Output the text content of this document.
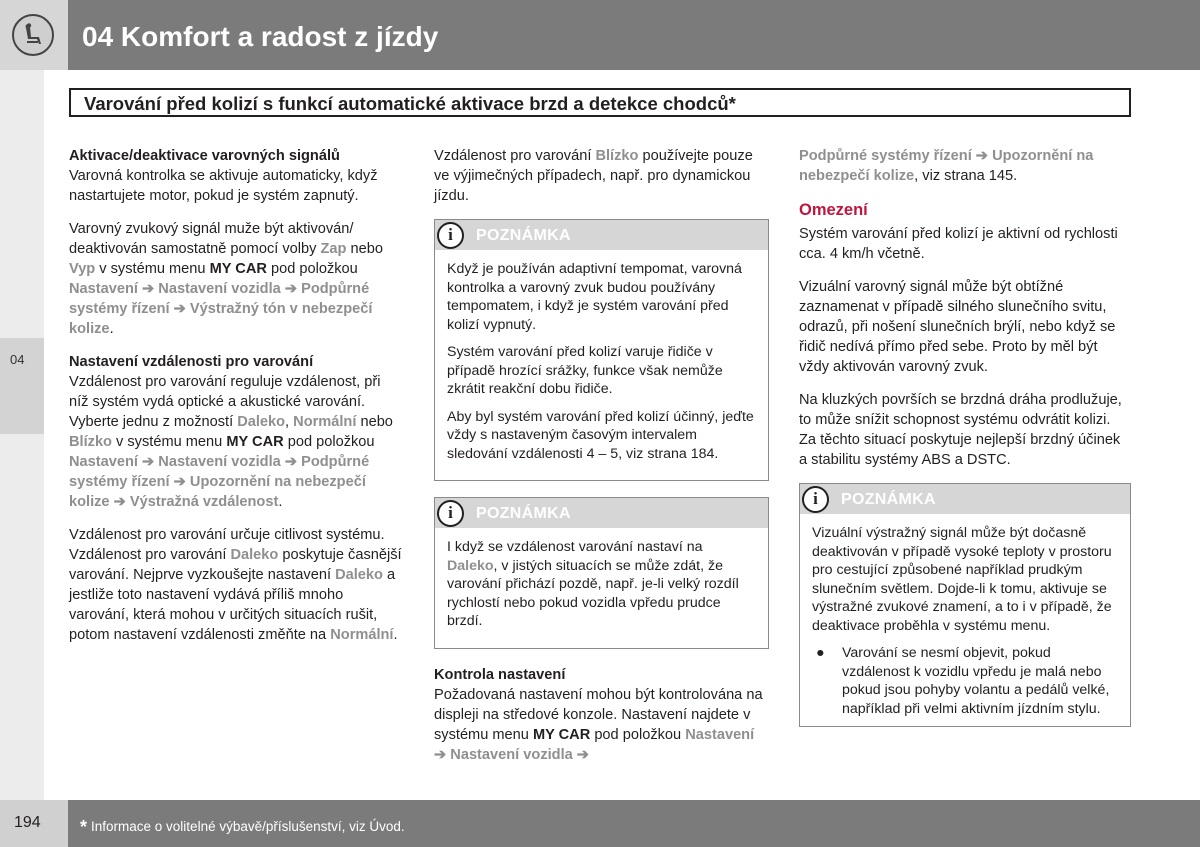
04 Komfort a radost z jízdy
04
Varování před kolizí s funkcí automatické aktivace brzd a detekce chodců*

Aktivace/deaktivace varovných signálů
Varovná kontrolka se aktivuje automaticky, když nastartujete motor, pokud je systém zapnutý.

Varovný zvukový signál muže být aktivován/ deaktivován samostatně pomocí volby Zap nebo Vyp v systému menu MY CAR pod položkou Nastavení ➔ Nastavení vozidla ➔ Podpůrné systémy řízení ➔ Výstražný tón v nebezpečí kolize.

Nastavení vzdálenosti pro varování
Vzdálenost pro varování reguluje vzdálenost, při níž systém vydá optické a akustické varování. Vyberte jednu z možností Daleko, Normální nebo Blízko v systému menu MY CAR pod položkou Nastavení ➔ Nastavení vozidla ➔ Podpůrné systémy řízení ➔ Upozornění na nebezpečí kolize ➔ Výstražná vzdálenost.

Vzdálenost pro varování určuje citlivost systému. Vzdálenost pro varování Daleko poskytuje časnější varování. Nejprve vyzkoušejte nastavení Daleko a jestliže toto nastavení vydává příliš mnoho varování, která mohou v určitých situacích rušit, potom nastavení vzdálenosti změňte na Normální.

Vzdálenost pro varování Blízko používejte pouze ve výjimečných případech, např. pro dynamickou jízdu.

i	POZNÁMKA

Když je používán adaptivní tempomat, varovná kontrolka a varovný zvuk budou používány tempomatem, i když je systém varování před kolizí vypnutý.

Systém varování před kolizí varuje řidiče v případě hrozící srážky, funkce však nemůže zkrátit reakční dobu řidiče.

Aby byl systém varování před kolizí účinný, jeďte vždy s nastaveným časovým intervalem sledování vzdálenosti 4 – 5, viz strana 184.

i	POZNÁMKA

I když se vzdálenost varování nastaví na Daleko, v jistých situacích se může zdát, že varování přichází pozdě, např. je-li velký rozdíl rychlostí nebo pokud vozidla vpředu prudce brzdí.

Kontrola nastavení
Požadovaná nastavení mohou být kontrolována na displeji na středové konzole. Nastavení najdete v systému menu MY CAR pod položkou Nastavení ➔ Nastavení vozidla ➔

Podpůrné systémy řízení ➔ Upozornění na nebezpečí kolize, viz strana 145.

Omezení

Systém varování před kolizí je aktivní od rychlosti cca. 4 km/h včetně.

Vizuální varovný signál může být obtížné zaznamenat v případě silného slunečního svitu, odrazů, při nošení slunečních brýlí, nebo když se řidič nedívá přímo před sebe. Proto by měl být vždy aktivován varovný zvuk.

Na kluzkých površích se brzdná dráha prodlužuje, to může snížit schopnost systému odvrátit kolizi. Za těchto situací poskytuje nejlepší brzdný účinek a stabilitu systémy ABS a DSTC.

i	POZNÁMKA

Vizuální výstražný signál může být dočasně deaktivován v případě vysoké teploty v prostoru pro cestující způsobené například prudkým slunečním světlem. Dojde-li k tomu, aktivuje se výstražné zvukové znamení, a to i v případě, že deaktivace proběhla v systému menu.

●	Varování se nesmí objevit, pokud vzdálenost k vozidlu vpředu je malá nebo pokud jsou pohyby volantu a pedálů velké, například při velmi aktivním jízdním stylu.
194	* Informace o volitelné výbavě/příslušenství, viz Úvod.
